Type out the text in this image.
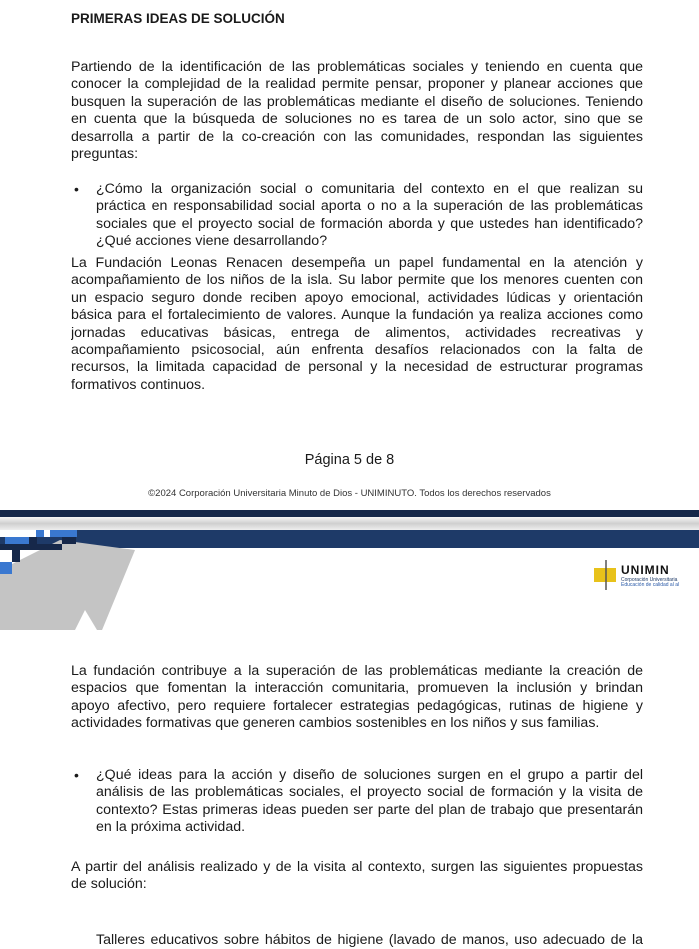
PRIMERAS IDEAS DE SOLUCIÓN
Partiendo de la identificación de las problemáticas sociales y teniendo en cuenta que
conocer la complejidad de la realidad permite pensar, proponer y planear acciones que
busquen la superación de las problemáticas mediante el diseño de soluciones. Teniendo
en cuenta que la búsqueda de soluciones no es tarea de un solo actor, sino que se
desarrolla a partir de la co-creación con las comunidades, respondan las siguientes
preguntas:
• ¿Cómo la organización social o comunitaria del contexto en el que realizan su
práctica en responsabilidad social aporta o no a la superación de las problemáticas
sociales que el proyecto social de formación aborda y que ustedes han identificado?
¿Qué acciones viene desarrollando?
La Fundación Leonas Renacen desempeña un papel fundamental en la atención y
acompañamiento de los niños de la isla. Su labor permite que los menores cuenten con
un espacio seguro donde reciben apoyo emocional, actividades lúdicas y orientación
básica para el fortalecimiento de valores. Aunque la fundación ya realiza acciones como
jornadas educativas básicas, entrega de alimentos, actividades recreativas y
acompañamiento psicosocial, aún enfrenta desafíos relacionados con la falta de
recursos, la limitada capacidad de personal y la necesidad de estructurar programas
formativos continuos.
Página 5 de 8
©2024 Corporación Universitaria Minuto de Dios - UNIMINUTO. Todos los derechos reservados
UNIMIN
Corporación Universitaria
Educación de calidad al al
La fundación contribuye a la superación de las problemáticas mediante la creación de
espacios que fomentan la interacción comunitaria, promueven la inclusión y brindan
apoyo afectivo, pero requiere fortalecer estrategias pedagógicas, rutinas de higiene y
actividades formativas que generen cambios sostenibles en los niños y sus familias.
• ¿Qué ideas para la acción y diseño de soluciones surgen en el grupo a partir del
análisis de las problemáticas sociales, el proyecto social de formación y la visita de
contexto? Estas primeras ideas pueden ser parte del plan de trabajo que presentarán
en la próxima actividad.
A partir del análisis realizado y de la visita al contexto, surgen las siguientes propuestas
de solución:
Talleres educativos sobre hábitos de higiene (lavado de manos, uso adecuado de la
